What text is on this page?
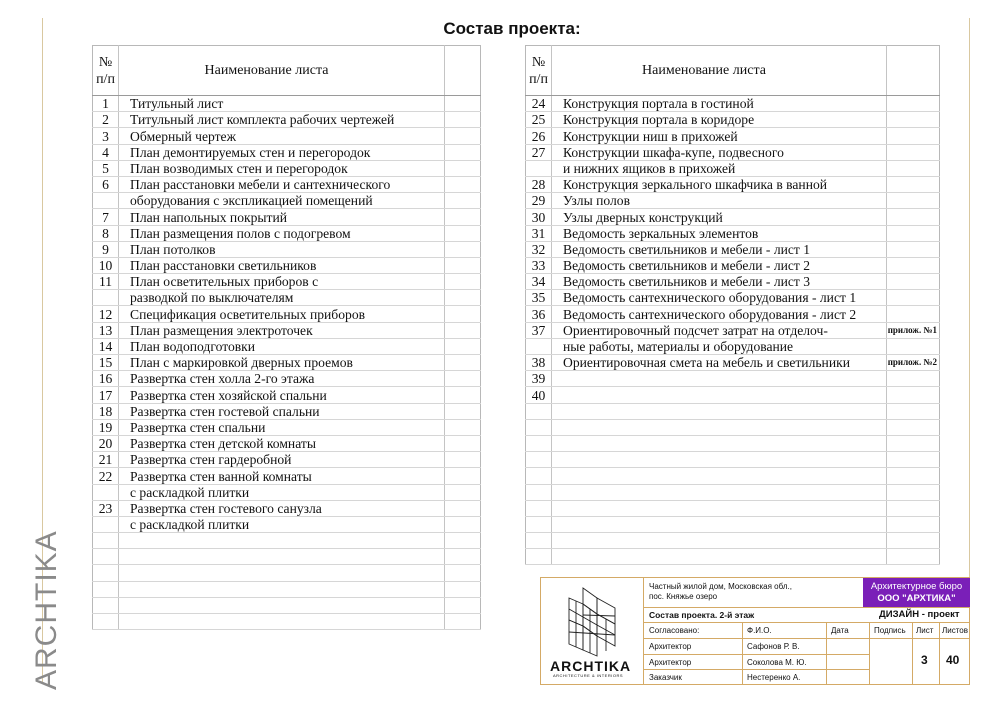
ARCHTIKA
Состав проекта:
№
п/п	Наименование листа	
1	Титульный лист	
2	Титульный лист комплекта рабочих чертежей	
3	Обмерный чертеж	
4	План демонтируемых стен и перегородок	
5	План возводимых стен и перегородок	
6	План расстановки мебели и сантехнического	
	оборудования с экспликацией помещений	
7	План напольных покрытий	
8	План размещения полов с подогревом	
9	План потолков	
10	План расстановки светильников	
11	План осветительных приборов с	
	разводкой по выключателям	
12	Спецификация осветительных приборов	
13	План размещения электроточек	
14	План водоподготовки	
15	План с маркировкой дверных проемов	
16	Развертка стен холла 2-го этажа	
17	Развертка стен хозяйской спальни	
18	Развертка стен гостевой спальни	
19	Развертка стен спальни	
20	Развертка стен детской комнаты	
21	Развертка стен гардеробной	
22	Развертка стен ванной комнаты	
	с раскладкой плитки	
23	Развертка стен гостевого санузла	
	с раскладкой плитки	

№
п/п	Наименование листа	
24	Конструкция портала в гостиной	
25	Конструкция портала в коридоре	
26	Конструкции ниш в прихожей	
27	Конструкции шкафа-купе, подвесного	
	и нижних ящиков в прихожей	
28	Конструкция зеркального шкафчика в ванной	
29	Узлы полов	
30	Узлы дверных конструкций	
31	Ведомость зеркальных элементов	
32	Ведомость светильников и мебели - лист 1	
33	Ведомость светильников и мебели - лист 2	
34	Ведомость светильников и мебели - лист 3	
35	Ведомость сантехнического оборудования - лист 1	
36	Ведомость сантехнического оборудования - лист 2	
37	Ориентировочный подсчет затрат на отделоч-	прилож. №1
	ные работы, материалы и оборудование	
38	Ориентировочная смета на мебель и светильники	прилож. №2
39		
40		

ARCHTIKA
ARCHITECTURE & INTERIORS
Частный жилой дом, Московская обл.,
пос. Княжье озеро
Архитектурное бюро
ООО "АРХТИКА"
Состав проекта. 2-й этаж	ДИЗАЙН - проект
Согласовано:	Ф.И.О.	Дата	Подпись Лист Листов
Архитектор	Сафонов Р. В.
Архитектор	Соколова М. Ю.
Заказчик	Нестеренко А.
3 40
